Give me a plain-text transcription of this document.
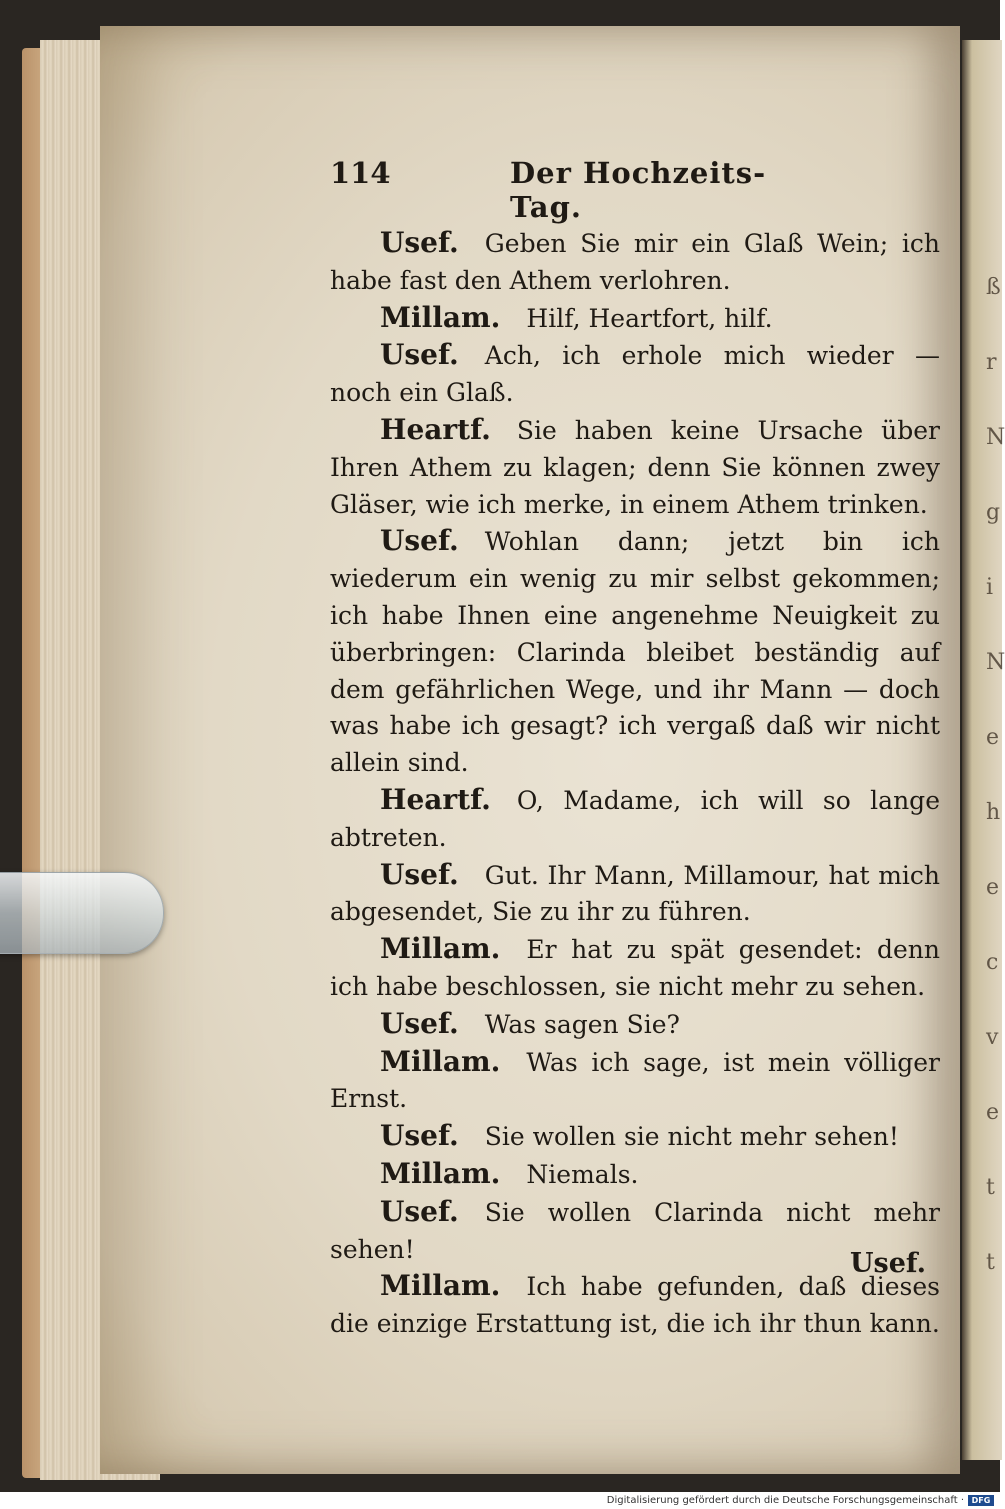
ß
r
N
g
i
N
e
h
e
c
v
e
t
t
114	Der Hochzeits-Tag.

Usef. Geben Sie mir ein Glaß Wein; ich habe fast den Athem verlohren.

Millam. Hilf, Heartfort, hilf.

Usef. Ach, ich erhole mich wieder — noch ein Glaß.

Heartf. Sie haben keine Ursache über Ihren Athem zu klagen; denn Sie können zwey Gläser, wie ich merke, in einem Athem trinken.

Usef. Wohlan dann; jetzt bin ich wiederum ein wenig zu mir selbst gekommen; ich habe Ihnen eine angenehme Neuigkeit zu überbringen: Clarinda bleibet beständig auf dem gefährlichen Wege, und ihr Mann — doch was habe ich gesagt? ich vergaß daß wir nicht allein sind.

Heartf. O, Madame, ich will so lange abtreten.

Usef. Gut. Ihr Mann, Millamour, hat mich abgesendet, Sie zu ihr zu führen.

Millam. Er hat zu spät gesendet: denn ich habe beschlossen, sie nicht mehr zu sehen.

Usef. Was sagen Sie?

Millam. Was ich sage, ist mein völliger Ernst.

Usef. Sie wollen sie nicht mehr sehen!

Millam. Niemals.

Usef. Sie wollen Clarinda nicht mehr sehen!

Millam. Ich habe gefunden, daß dieses die einzige Erstattung ist, die ich ihr thun kann.

Usef.
Digitalisierung gefördert durch die Deutsche Forschungsgemeinschaft · DFG
